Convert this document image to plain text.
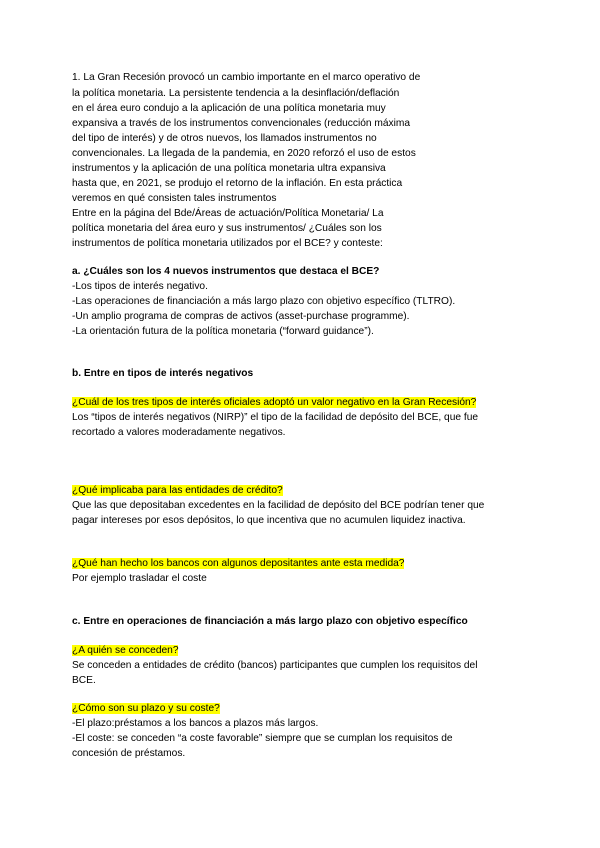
1. La Gran Recesión provocó un cambio importante en el marco operativo de
la política monetaria. La persistente tendencia a la desinflación/deflación
en el área euro condujo a la aplicación de una política monetaria muy
expansiva a través de los instrumentos convencionales (reducción máxima
del tipo de interés) y de otros nuevos, los llamados instrumentos no
convencionales. La llegada de la pandemia, en 2020 reforzó el uso de estos
instrumentos y la aplicación de una política monetaria ultra expansiva
hasta que, en 2021, se produjo el retorno de la inflación. En esta práctica
veremos en qué consisten tales instrumentos
Entre en la página del Bde/Áreas de actuación/Política Monetaria/ La
política monetaria del área euro y sus instrumentos/ ¿Cuáles son los
instrumentos de política monetaria utilizados por el BCE? y conteste:
a. ¿Cuáles son los 4 nuevos instrumentos que destaca el BCE?
-Los tipos de interés negativo.
-Las operaciones de financiación a más largo plazo con objetivo específico (TLTRO).
-Un amplio programa de compras de activos (asset-purchase programme).
-La orientación futura de la política monetaria (“forward guidance”).
b. Entre en tipos de interés negativos
¿Cuál de los tres tipos de interés oficiales adoptó un valor negativo en la Gran Recesión?
Los “tipos de interés negativos (NIRP)” el tipo de la facilidad de depósito del BCE, que fue
recortado a valores moderadamente negativos.
¿Qué implicaba para las entidades de crédito?
Que las que depositaban excedentes en la facilidad de depósito del BCE podrían tener que
pagar intereses por esos depósitos, lo que incentiva que no acumulen liquidez inactiva.
¿Qué han hecho los bancos con algunos depositantes ante esta medida?
Por ejemplo trasladar el coste
c. Entre en operaciones de financiación a más largo plazo con objetivo específico
¿A quién se conceden?
Se conceden a entidades de crédito (bancos) participantes que cumplen los requisitos del
BCE.
¿Cómo son su plazo y su coste?
-El plazo:préstamos a los bancos a plazos más largos.
-El coste: se conceden “a coste favorable” siempre que se cumplan los requisitos de
concesión de préstamos.
